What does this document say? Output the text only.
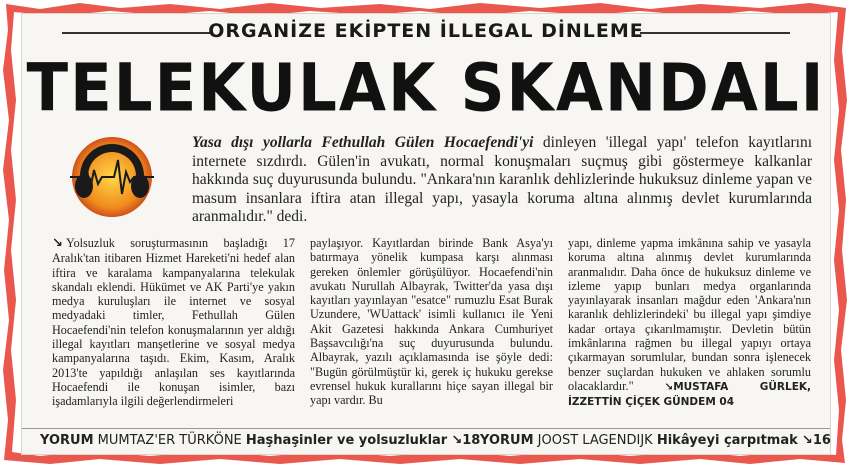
ORGANİZE EKİPTEN İLLEGAL DİNLEME
TELEKULAK SKANDALI
Yasa dışı yollarla Fethullah Gülen Hocaefendi'yi dinleyen 'illegal yapı' telefon kayıtlarını internete sızdırdı. Gülen'in avukatı, normal konuşmaları suçmuş gibi göstermeye kalkanlar hakkında suç duyurusunda bulundu. "Ankara'nın karanlık dehlizlerinde hukuksuz dinleme yapan ve masum insanlara iftira atan illegal yapı, yasayla koruma altına alınmış devlet kurumlarında aranmalıdır." dedi.
↘ Yolsuzluk soruşturmasının başladığı 17 Aralık'tan itibaren Hizmet Hareketi'ni hedef alan iftira ve karalama kampanyalarına telekulak skandalı eklendi. Hükümet ve AK Parti'ye yakın medya kuruluşları ile internet ve sosyal medyadaki timler, Fethullah Gülen Hocaefendi'nin telefon konuşmalarının yer aldığı illegal kayıtları manşetlerine ve sosyal medya kampanyalarına taşıdı. Ekim, Kasım, Aralık 2013'te yapıldığı anlaşılan ses kayıtlarında Hocaefendi ile konuşan isimler, bazı işadamlarıyla ilgili değerlendirmeleri
paylaşıyor. Kayıtlardan birinde Bank Asya'yı batırmaya yönelik kumpasa karşı alınması gereken önlemler görüşülüyor. Hocaefendi'nin avukatı Nurullah Albayrak, Twitter'da yasa dışı kayıtları yayınlayan "esatce" rumuzlu Esat Burak Uzundere, 'WUattack' isimli kullanıcı ile Yeni Akit Gazetesi hakkında Ankara Cumhuriyet Başsavcılığı'na suç duyurusunda bulundu. Albayrak, yazılı açıklamasında ise şöyle dedi: "Bugün görülmüştür ki, gerek iç hukuku gerekse evrensel hukuk kurallarını hiçe sayan illegal bir yapı vardır. Bu
yapı, dinleme yapma imkânına sahip ve yasayla koruma altına alınmış devlet kurumlarında aranmalıdır. Daha önce de hukuksuz dinleme ve izleme yapıp bunları medya organlarında yayınlayarak insanları mağdur eden 'Ankara'nın karanlık dehlizlerindeki' bu illegal yapı şimdiye kadar ortaya çıkarılmamıştır. Devletin bütün imkânlarına rağmen bu illegal yapıyı ortaya çıkarmayan sorumlular, bundan sonra işlenecek benzer suçlardan hukuken ve ahlaken sorumlu olacaklardır."	↘MUSTAFA GÜRLEK, İZZETTİN ÇİÇEK GÜNDEM 04
YORUM MUMTAZ'ER TÜRKÖNE Haşhaşinler ve yolsuzluklar ↘18 YORUM JOOST LAGENDIJK Hikâyeyi çarpıtmak ↘16
